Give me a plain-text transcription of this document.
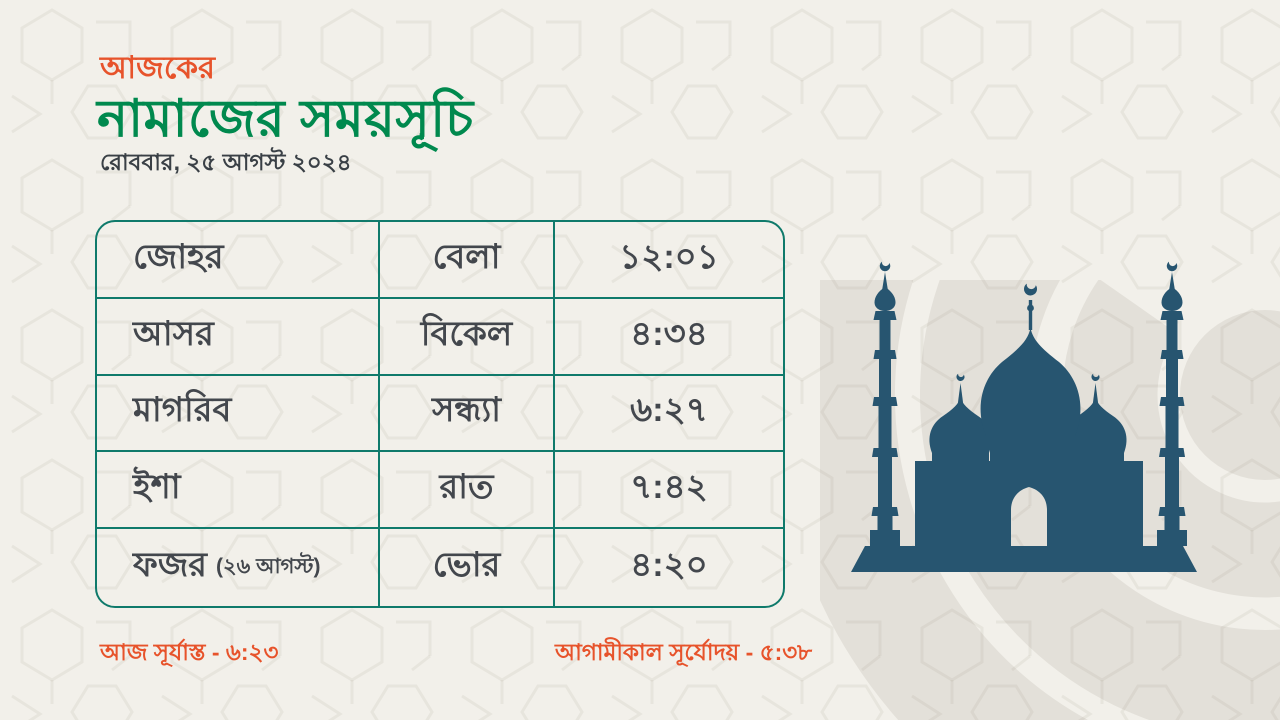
আজকের
নামাজের সময়সূচি
রোববার, ২৫ আগস্ট ২০২৪
জোহর	বেলা	১২:০১
আসর	বিকেল	৪:৩৪
মাগরিব	সন্ধ্যা	৬:২৭
ইশা	রাত	৭:৪২
ফজর (২৬ আগস্ট)	ভোর	৪:২০
আজ সূর্যাস্ত - ৬:২৩	আগামীকাল সূর্যোদয় - ৫:৩৮
